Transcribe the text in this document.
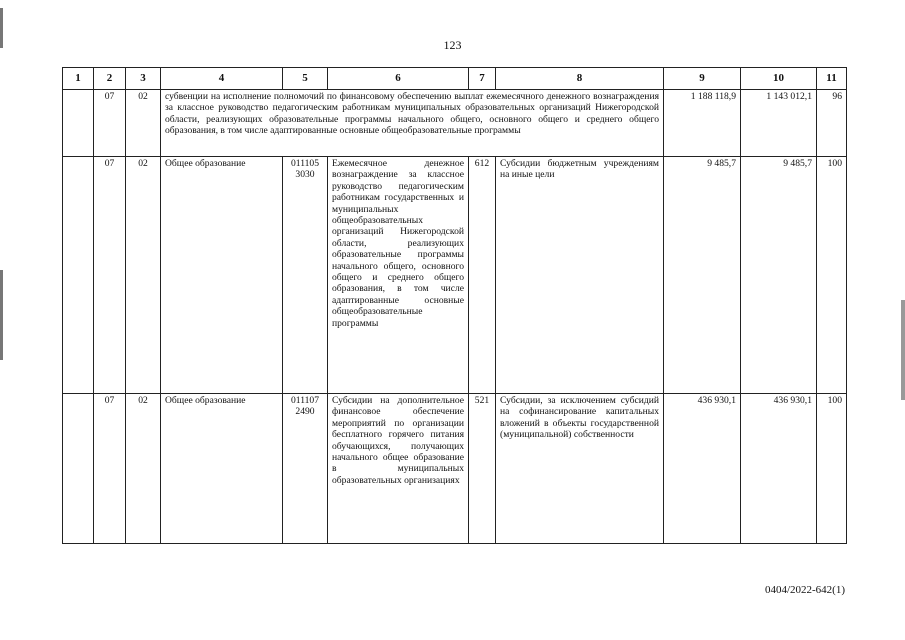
123
1	2	3	4	5	6	7	8	9	10	11
	07	02	субвенции на исполнение полномочий по финансовому обеспечению выплат ежемесячного денежного вознаграждения за классное руководство педагогическим работникам муниципальных образовательных организаций Нижегородской области, реализующих образовательные программы начального общего, основного общего и среднего общего образования, в том числе адаптированные основные общеобразовательные программы					1 188 118,9	1 143 012,1	96
	07	02	Общее образование	011105 3030	Ежемесячное денежное вознаграждение за классное руководство педагогическим работникам государственных и муниципальных общеобразовательных организаций Нижегородской области, реализующих образовательные программы начального общего, основного общего и среднего общего образования, в том числе адаптированные основные общеобразовательные программы	612	Субсидии бюджетным учреждениям на иные цели	9 485,7	9 485,7	100
	07	02	Общее образование	011107 2490	Субсидии на дополнительное финансовое обеспечение мероприятий по организации бесплатного горячего питания обучающихся, получающих начального общее образование в муниципальных образовательных организациях	521	Субсидии, за исключением субсидий на софинансирование капитальных вложений в объекты государственной (муниципальной) собственности	436 930,1	436 930,1	100
0404/2022-642(1)
